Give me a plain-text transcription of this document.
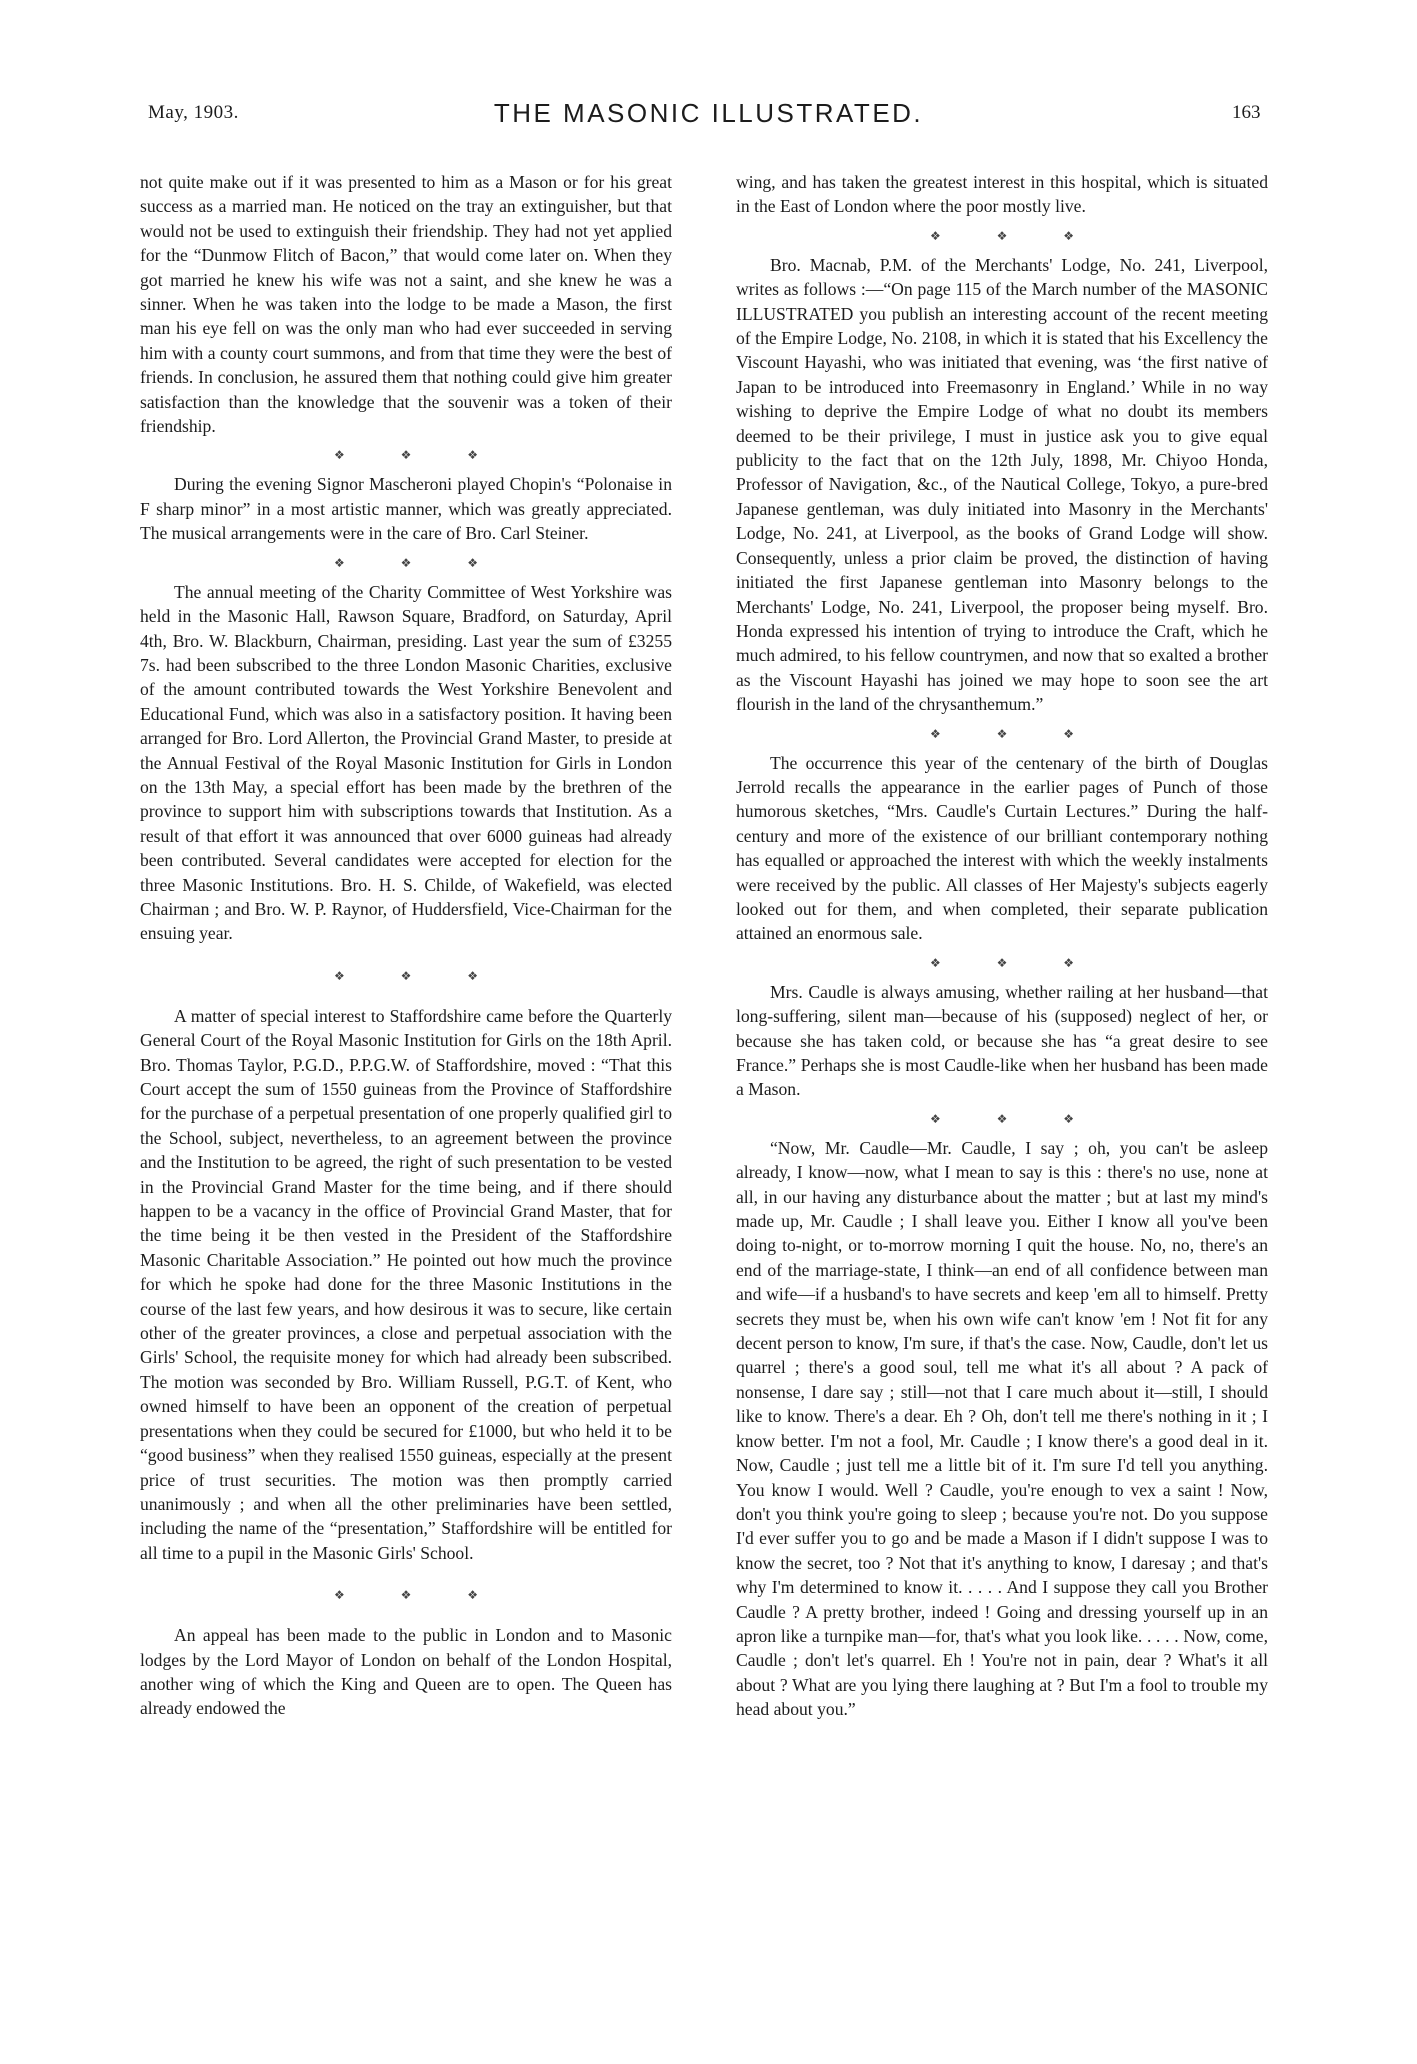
May, 1903.	THE MASONIC ILLUSTRATED.	163

not quite make out if it was presented to him as a Mason or for his great success as a married man. He noticed on the tray an extinguisher, but that would not be used to extinguish their friendship. They had not yet applied for the “Dunmow Flitch of Bacon,” that would come later on. When they got married he knew his wife was not a saint, and she knew he was a sinner. When he was taken into the lodge to be made a Mason, the first man his eye fell on was the only man who had ever succeeded in serving him with a county court summons, and from that time they were the best of friends. In conclusion, he assured them that nothing could give him greater satisfaction than the knowledge that the souvenir was a token of their friendship.

❖ ❖ ❖

During the evening Signor Mascheroni played Chopin's “Polonaise in F sharp minor” in a most artistic manner, which was greatly appreciated. The musical arrangements were in the care of Bro. Carl Steiner.

❖ ❖ ❖

The annual meeting of the Charity Committee of West Yorkshire was held in the Masonic Hall, Rawson Square, Bradford, on Saturday, April 4th, Bro. W. Blackburn, Chairman, presiding. Last year the sum of £3255 7s. had been subscribed to the three London Masonic Charities, exclusive of the amount contributed towards the West Yorkshire Benevolent and Educational Fund, which was also in a satisfactory position. It having been arranged for Bro. Lord Allerton, the Provincial Grand Master, to preside at the Annual Festival of the Royal Masonic Institution for Girls in London on the 13th May, a special effort has been made by the brethren of the province to support him with subscriptions towards that Institution. As a result of that effort it was announced that over 6000 guineas had already been contributed. Several candidates were accepted for election for the three Masonic Institutions. Bro. H. S. Childe, of Wakefield, was elected Chairman ; and Bro. W. P. Raynor, of Huddersfield, Vice-Chairman for the ensuing year.

❖ ❖ ❖

A matter of special interest to Staffordshire came before the Quarterly General Court of the Royal Masonic Institution for Girls on the 18th April. Bro. Thomas Taylor, P.G.D., P.P.G.W. of Staffordshire, moved : “That this Court accept the sum of 1550 guineas from the Province of Staffordshire for the purchase of a perpetual presentation of one properly qualified girl to the School, subject, nevertheless, to an agreement between the province and the Institution to be agreed, the right of such presentation to be vested in the Provincial Grand Master for the time being, and if there should happen to be a vacancy in the office of Provincial Grand Master, that for the time being it be then vested in the President of the Staffordshire Masonic Charitable Association.” He pointed out how much the province for which he spoke had done for the three Masonic Institutions in the course of the last few years, and how desirous it was to secure, like certain other of the greater provinces, a close and perpetual association with the Girls' School, the requisite money for which had already been subscribed. The motion was seconded by Bro. William Russell, P.G.T. of Kent, who owned himself to have been an opponent of the creation of perpetual presentations when they could be secured for £1000, but who held it to be “good business” when they realised 1550 guineas, especially at the present price of trust securities. The motion was then promptly carried unanimously ; and when all the other preliminaries have been settled, including the name of the “presentation,” Staffordshire will be entitled for all time to a pupil in the Masonic Girls' School.

❖ ❖ ❖

An appeal has been made to the public in London and to Masonic lodges by the Lord Mayor of London on behalf of the London Hospital, another wing of which the King and Queen are to open. The Queen has already endowed the

wing, and has taken the greatest interest in this hospital, which is situated in the East of London where the poor mostly live.

❖ ❖ ❖

Bro. Macnab, P.M. of the Merchants' Lodge, No. 241, Liverpool, writes as follows :—“On page 115 of the March number of the MASONIC ILLUSTRATED you publish an interesting account of the recent meeting of the Empire Lodge, No. 2108, in which it is stated that his Excellency the Viscount Hayashi, who was initiated that evening, was ‘the first native of Japan to be introduced into Freemasonry in England.’ While in no way wishing to deprive the Empire Lodge of what no doubt its members deemed to be their privilege, I must in justice ask you to give equal publicity to the fact that on the 12th July, 1898, Mr. Chiyoo Honda, Professor of Navigation, &c., of the Nautical College, Tokyo, a pure-bred Japanese gentleman, was duly initiated into Masonry in the Merchants' Lodge, No. 241, at Liverpool, as the books of Grand Lodge will show. Consequently, unless a prior claim be proved, the distinction of having initiated the first Japanese gentleman into Masonry belongs to the Merchants' Lodge, No. 241, Liverpool, the proposer being myself. Bro. Honda expressed his intention of trying to introduce the Craft, which he much admired, to his fellow countrymen, and now that so exalted a brother as the Viscount Hayashi has joined we may hope to soon see the art flourish in the land of the chrysanthemum.”

❖ ❖ ❖

The occurrence this year of the centenary of the birth of Douglas Jerrold recalls the appearance in the earlier pages of Punch of those humorous sketches, “Mrs. Caudle's Curtain Lectures.” During the half-century and more of the existence of our brilliant contemporary nothing has equalled or approached the interest with which the weekly instalments were received by the public. All classes of Her Majesty's subjects eagerly looked out for them, and when completed, their separate publication attained an enormous sale.

❖ ❖ ❖

Mrs. Caudle is always amusing, whether railing at her husband—that long-suffering, silent man—because of his (supposed) neglect of her, or because she has taken cold, or because she has “a great desire to see France.” Perhaps she is most Caudle-like when her husband has been made a Mason.

❖ ❖ ❖

“Now, Mr. Caudle—Mr. Caudle, I say ; oh, you can't be asleep already, I know—now, what I mean to say is this : there's no use, none at all, in our having any disturbance about the matter ; but at last my mind's made up, Mr. Caudle ; I shall leave you. Either I know all you've been doing to-night, or to-morrow morning I quit the house. No, no, there's an end of the marriage-state, I think—an end of all confidence between man and wife—if a husband's to have secrets and keep 'em all to himself. Pretty secrets they must be, when his own wife can't know 'em ! Not fit for any decent person to know, I'm sure, if that's the case. Now, Caudle, don't let us quarrel ; there's a good soul, tell me what it's all about ? A pack of nonsense, I dare say ; still—not that I care much about it—still, I should like to know. There's a dear. Eh ? Oh, don't tell me there's nothing in it ; I know better. I'm not a fool, Mr. Caudle ; I know there's a good deal in it. Now, Caudle ; just tell me a little bit of it. I'm sure I'd tell you anything. You know I would. Well ? Caudle, you're enough to vex a saint ! Now, don't you think you're going to sleep ; because you're not. Do you suppose I'd ever suffer you to go and be made a Mason if I didn't suppose I was to know the secret, too ? Not that it's anything to know, I daresay ; and that's why I'm determined to know it. . . . . And I suppose they call you Brother Caudle ? A pretty brother, indeed ! Going and dressing yourself up in an apron like a turnpike man—for, that's what you look like. . . . . Now, come, Caudle ; don't let's quarrel. Eh ! You're not in pain, dear ? What's it all about ? What are you lying there laughing at ? But I'm a fool to trouble my head about you.”
